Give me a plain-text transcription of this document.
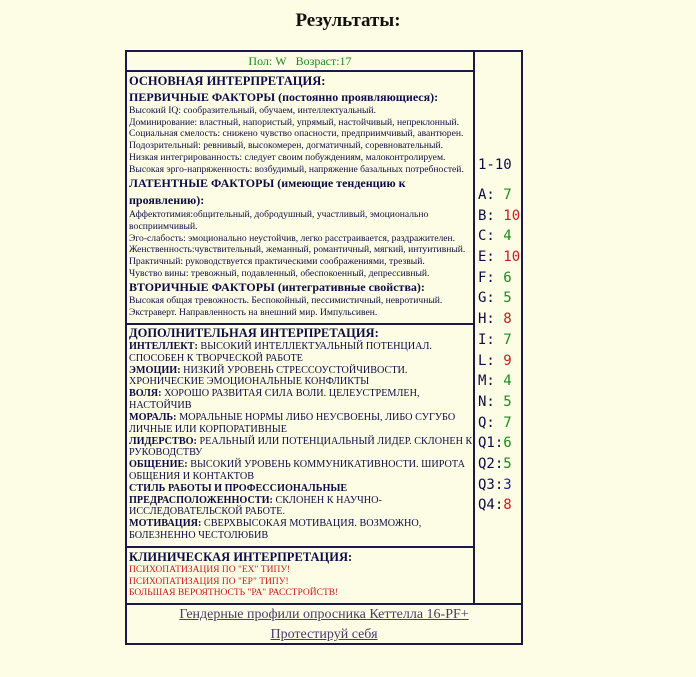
Результаты:
Пол: W Возраст:17
ОСНОВНАЯ ИНТЕРПРЕТАЦИЯ:
ПЕРВИЧНЫЕ ФАКТОРЫ (постоянно проявляющиеся):

Высокий IQ: сообразительный, обучаем, интеллектуальный.

Доминирование: властный, напористый, упрямый, настойчивый, непреклонный.

Социальная смелость: снижено чувство опасности, предприимчивый, авантюрен.

Подозрительный: ревнивый, высокомерен, догматичный, соревновательный.

Низкая интегрированность: следует своим побуждениям, малоконтролируем.

Высокая эрго-напряженность: возбудимый, напряжение базальных потребностей.

ЛАТЕНТНЫЕ ФАКТОРЫ (имеющие тенденцию к проявлению):

Аффектотимия:общительный, добродушный, участливый, эмоционально восприимчивый.

Эго-слабость: эмоционально неустойчив, легко расстраивается, раздражителен.

Женственность:чувствительный, жеманный, романтичный, мягкий, интуитивный.

Практичный: руководствуется практическими соображениями, трезвый.

Чувство вины: тревожный, подавленный, обеспокоенный, депрессивный.

ВТОРИЧНЫЕ ФАКТОРЫ (интегративные свойства):

Высокая общая тревожность. Беспокойный, пессимистичный, невротичный.

Экстраверт. Направленность на внешний мир. Импульсивен.

ДОПОЛНИТЕЛЬНАЯ ИНТЕРПРЕТАЦИЯ:

ИНТЕЛЛЕКТ: ВЫСОКИЙ ИНТЕЛЛЕКТУАЛЬНЫЙ ПОТЕНЦИАЛ. СПОСОБЕН К ТВОРЧЕСКОЙ РАБОТЕ

ЭМОЦИИ: НИЗКИЙ УРОВЕНЬ СТРЕССОУСТОЙЧИВОСТИ. ХРОНИЧЕСКИЕ ЭМОЦИОНАЛЬНЫЕ КОНФЛИКТЫ

ВОЛЯ: ХОРОШО РАЗВИТАЯ СИЛА ВОЛИ. ЦЕЛЕУСТРЕМЛЕН, НАСТОЙЧИВ

МОРАЛЬ: МОРАЛЬНЫЕ НОРМЫ ЛИБО НЕУСВОЕНЫ, ЛИБО СУГУБО ЛИЧНЫЕ ИЛИ КОРПОРАТИВНЫЕ

ЛИДЕРСТВО: РЕАЛЬНЫЙ ИЛИ ПОТЕНЦИАЛЬНЫЙ ЛИДЕР. СКЛОНЕН К РУКОВОДСТВУ

ОБЩЕНИЕ: ВЫСОКИЙ УРОВЕНЬ КОММУНИКАТИВНОСТИ. ШИРОТА ОБЩЕНИЯ И КОНТАКТОВ

СТИЛЬ РАБОТЫ И ПРОФЕССИОНАЛЬНЫЕ ПРЕДРАСПОЛОЖЕННОСТИ: СКЛОНЕН К НАУЧНО-ИССЛЕДОВАТЕЛЬСКОЙ РАБОТЕ.

МОТИВАЦИЯ: СВЕРХВЫСОКАЯ МОТИВАЦИЯ. ВОЗМОЖНО, БОЛЕЗНЕННО ЧЕСТОЛЮБИВ

КЛИНИЧЕСКАЯ ИНТЕРПРЕТАЦИЯ:

ПСИХОПАТИЗАЦИЯ ПО "ЕХ" ТИПУ!

ПСИХОПАТИЗАЦИЯ ПО "ЕР" ТИПУ!

БОЛЬШАЯ ВЕРОЯТНОСТЬ "РА" РАССТРОЙСТВ!

Гендерные профили опросника Кеттелла 16-PF+
Протестируй себя
1-10
A: 7
B: 10
C: 4
E: 10
F: 6
G: 5
H: 8
I: 7
L: 9
M: 4
N: 5
Q: 7
Q1:6
Q2:5
Q3:3
Q4:8
